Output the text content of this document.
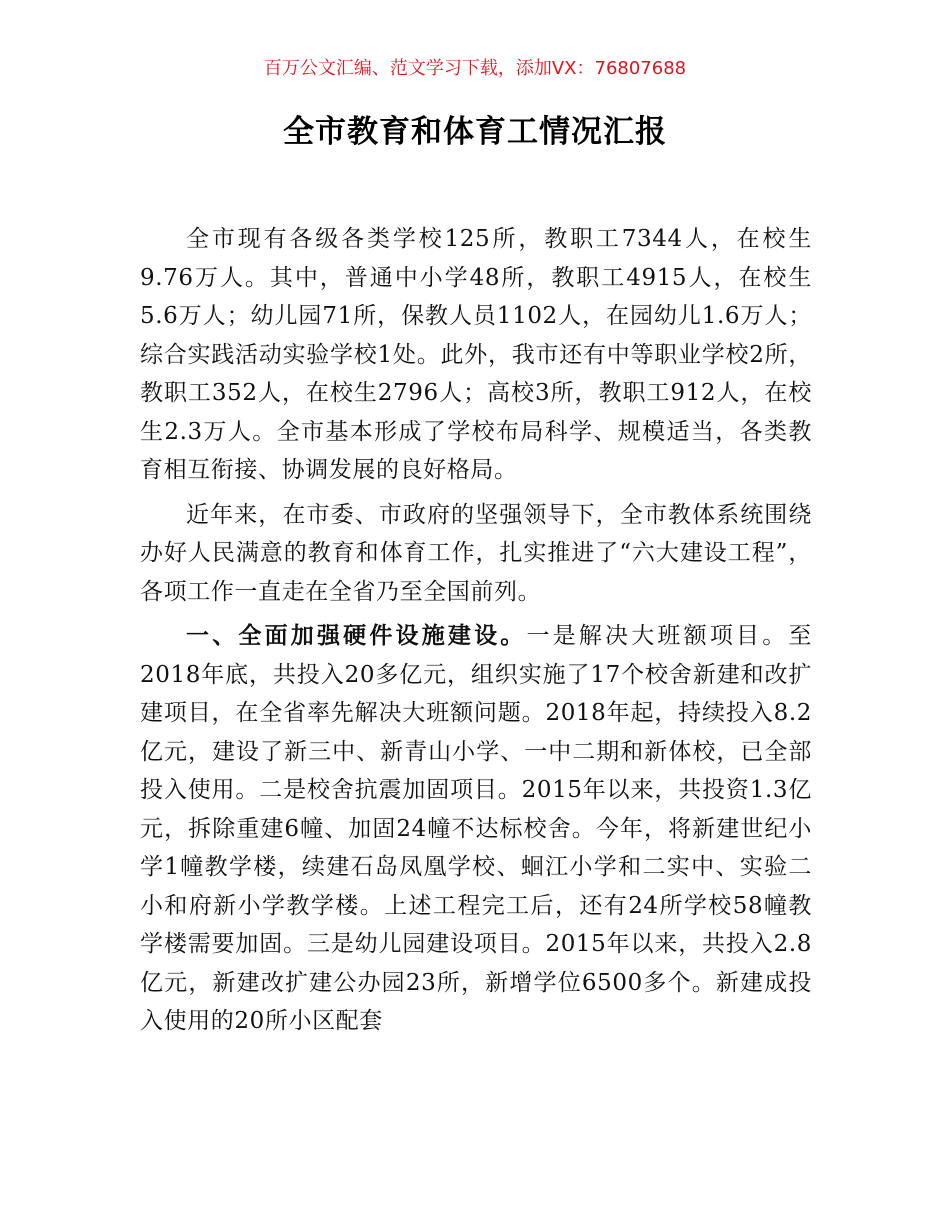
百万公文汇编、范文学习下载，添加VX：76807688
全市教育和体育工情况汇报

全市现有各级各类学校125所，教职工7344人，在校生9.76万人。其中，普通中小学48所，教职工4915人，在校生5.6万人；幼儿园71所，保教人员1102人，在园幼儿1.6万人；综合实践活动实验学校1处。此外，我市还有中等职业学校2所，教职工352人，在校生2796人；高校3所，教职工912人，在校生2.3万人。全市基本形成了学校布局科学、规模适当，各类教育相互衔接、协调发展的良好格局。

近年来，在市委、市政府的坚强领导下，全市教体系统围绕办好人民满意的教育和体育工作，扎实推进了“六大建设工程”，各项工作一直走在全省乃至全国前列。

一、全面加强硬件设施建设。一是解决大班额项目。至2018年底，共投入20多亿元，组织实施了17个校舍新建和改扩建项目，在全省率先解决大班额问题。2018年起，持续投入8.2亿元，建设了新三中、新青山小学、一中二期和新体校，已全部投入使用。二是校舍抗震加固项目。2015年以来，共投资1.3亿元，拆除重建6幢、加固24幢不达标校舍。今年，将新建世纪小学1幢教学楼，续建石岛凤凰学校、蛔江小学和二实中、实验二小和府新小学教学楼。上述工程完工后，还有24所学校58幢教学楼需要加固。三是幼儿园建设项目。2015年以来，共投入2.8亿元，新建改扩建公办园23所，新增学位6500多个。新建成投入使用的20所小区配套
